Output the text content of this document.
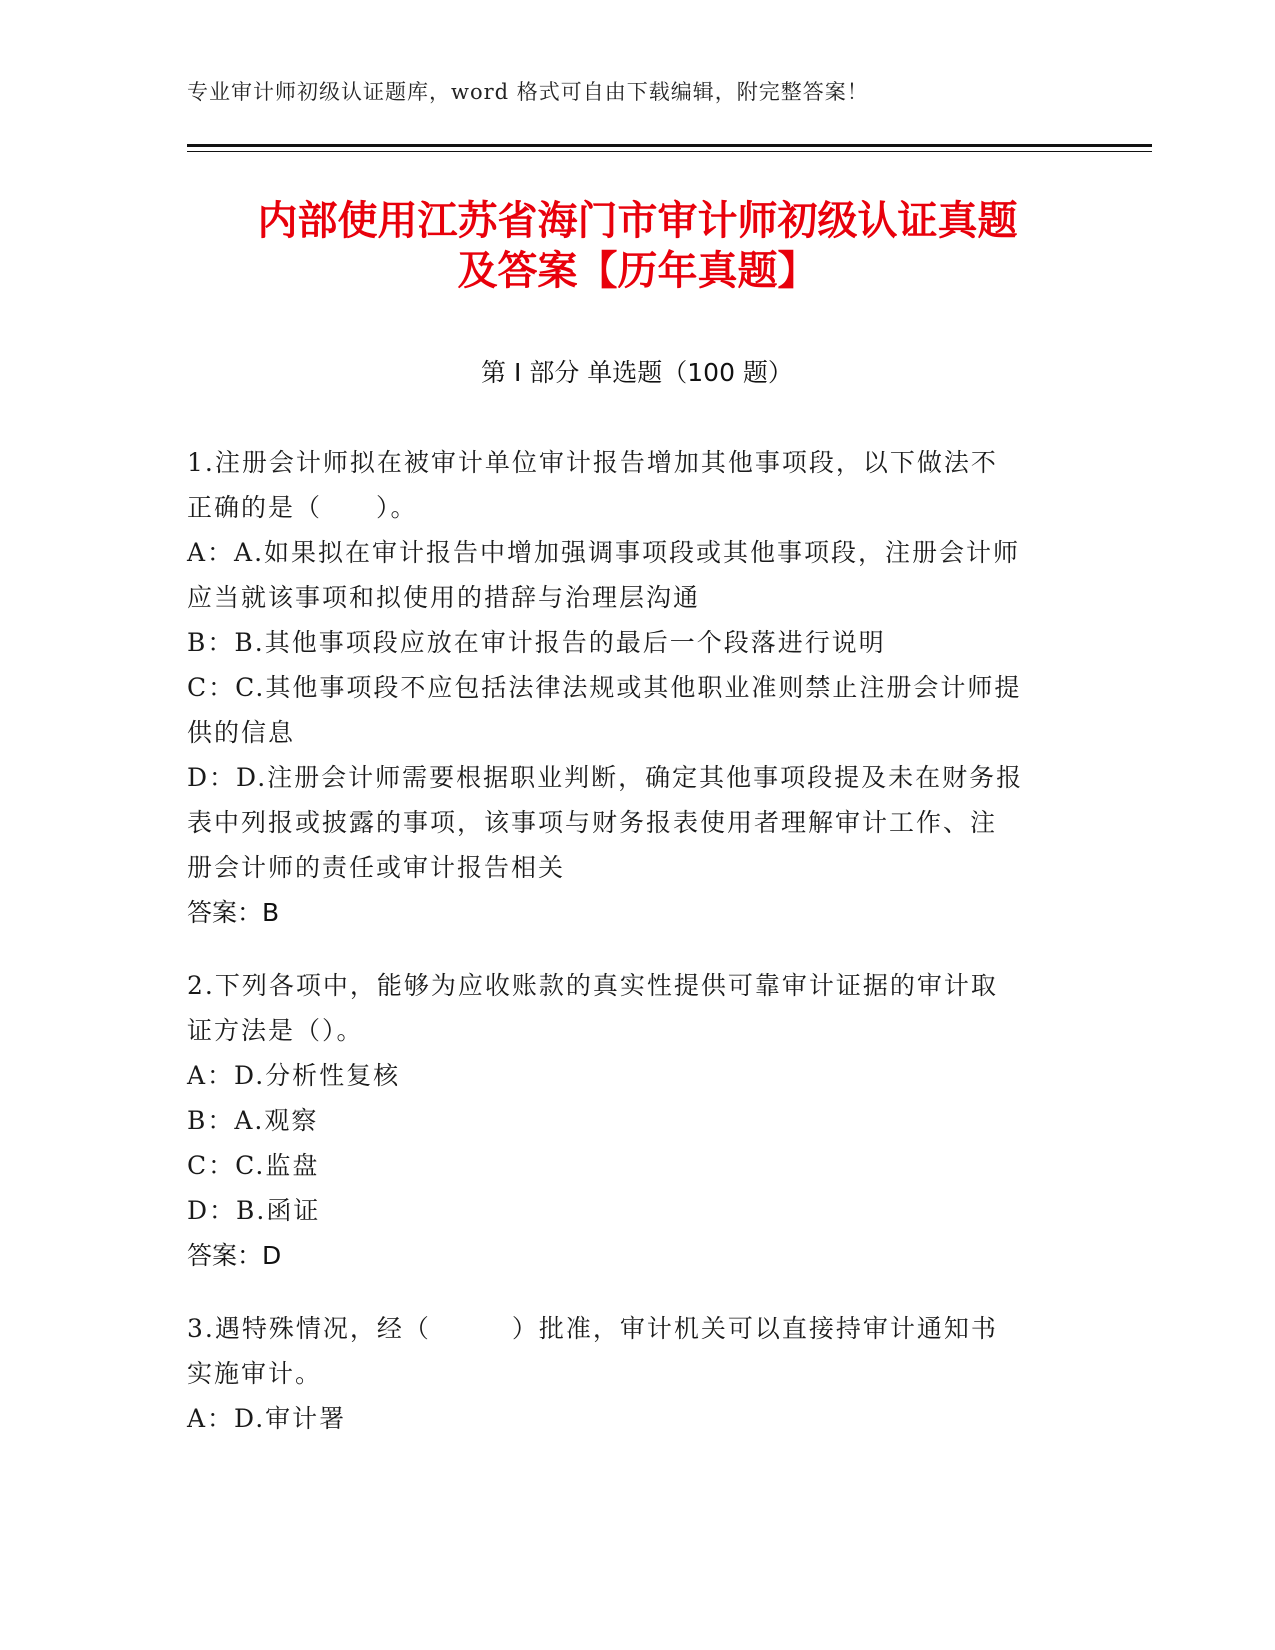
专业审计师初级认证题库，word 格式可自由下载编辑，附完整答案！
内部使用江苏省海门市审计师初级认证真题
及答案【历年真题】
第 I 部分 单选题（100 题）
1.注册会计师拟在被审计单位审计报告增加其他事项段，以下做法不
正确的是（　　）。
A：A.如果拟在审计报告中增加强调事项段或其他事项段，注册会计师
应当就该事项和拟使用的措辞与治理层沟通
B：B.其他事项段应放在审计报告的最后一个段落进行说明
C：C.其他事项段不应包括法律法规或其他职业准则禁止注册会计师提
供的信息
D：D.注册会计师需要根据职业判断，确定其他事项段提及未在财务报
表中列报或披露的事项，该事项与财务报表使用者理解审计工作、注
册会计师的责任或审计报告相关
答案：B
2.下列各项中，能够为应收账款的真实性提供可靠审计证据的审计取
证方法是（）。
A：D.分析性复核
B：A.观察
C：C.监盘
D：B.函证
答案：D
3.遇特殊情况，经（　　　）批准，审计机关可以直接持审计通知书
实施审计。
A：D.审计署
